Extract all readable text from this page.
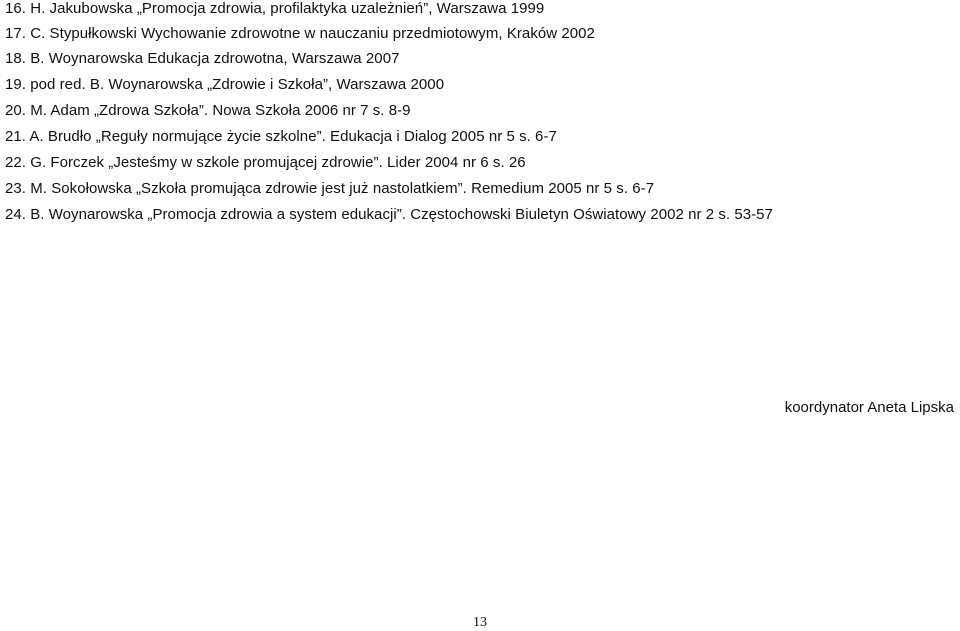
16. H. Jakubowska „Promocja zdrowia, profilaktyka uzależnień”, Warszawa 1999
17. C. Stypułkowski Wychowanie zdrowotne w nauczaniu przedmiotowym, Kraków 2002
18. B. Woynarowska Edukacja zdrowotna, Warszawa 2007
19. pod red. B. Woynarowska „Zdrowie i Szkoła”, Warszawa 2000
20. M. Adam „Zdrowa Szkoła”. Nowa Szkoła 2006 nr 7 s. 8-9
21. A. Brudło „Reguły normujące życie szkolne”. Edukacja i Dialog 2005 nr 5 s. 6-7
22. G. Forczek „Jesteśmy w szkole promującej zdrowie”. Lider 2004 nr 6 s. 26
23. M. Sokołowska „Szkoła promująca zdrowie jest już nastolatkiem”. Remedium 2005 nr 5 s. 6-7
24. B. Woynarowska „Promocja zdrowia a system edukacji”. Częstochowski Biuletyn Oświatowy 2002 nr 2 s. 53-57
koordynator Aneta Lipska
13
